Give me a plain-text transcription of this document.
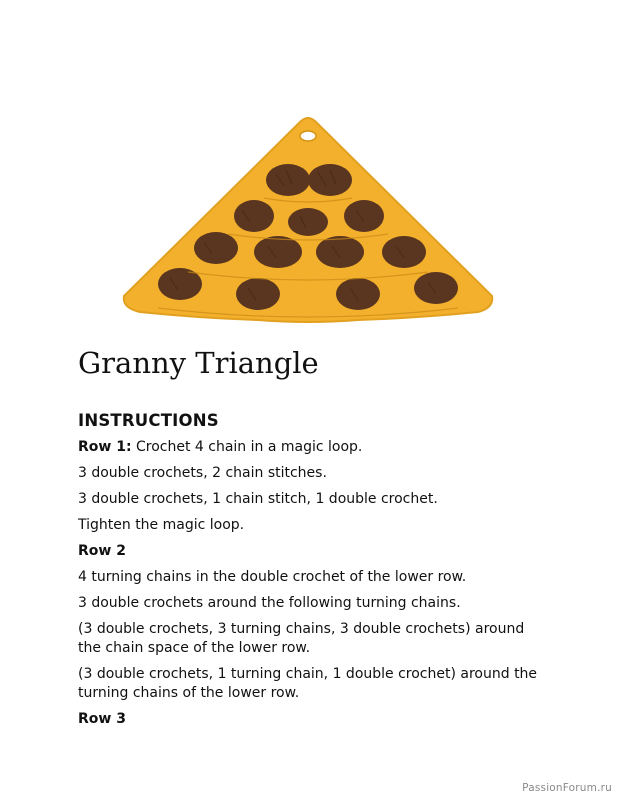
Granny Triangle
INSTRUCTIONS

Row 1: Crochet 4 chain in a magic loop.

3 double crochets, 2 chain stitches.

3 double crochets, 1 chain stitch, 1 double crochet.

Tighten the magic loop.

Row 2

4 turning chains in the double crochet of the lower row.

3 double crochets around the following turning chains.

(3 double crochets, 3 turning chains, 3 double crochets) around the chain space of the lower row.

(3 double crochets, 1 turning chain, 1 double crochet) around the turning chains of the lower row.

Row 3

PassionForum.ru
